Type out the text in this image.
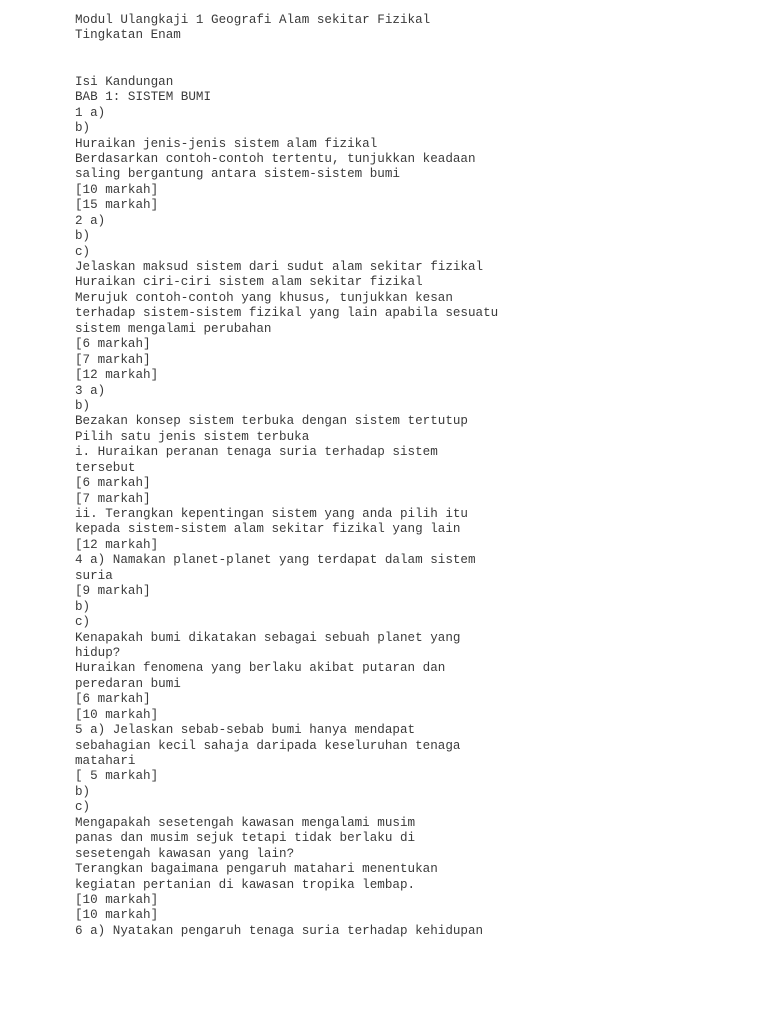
Modul Ulangkaji 1 Geografi Alam sekitar Fizikal
Tingkatan Enam
Isi Kandungan
BAB 1: SISTEM BUMI
1 a)
b)
Huraikan jenis-jenis sistem alam fizikal
Berdasarkan contoh-contoh tertentu, tunjukkan keadaan
saling bergantung antara sistem-sistem bumi
[10 markah]
[15 markah]
2 a)
b)
c)
Jelaskan maksud sistem dari sudut alam sekitar fizikal
Huraikan ciri-ciri sistem alam sekitar fizikal
Merujuk contoh-contoh yang khusus, tunjukkan kesan
terhadap sistem-sistem fizikal yang lain apabila sesuatu
sistem mengalami perubahan
[6 markah]
[7 markah]
[12 markah]
3 a)
b)
Bezakan konsep sistem terbuka dengan sistem tertutup
Pilih satu jenis sistem terbuka
i. Huraikan peranan tenaga suria terhadap sistem
tersebut
[6 markah]
[7 markah]
ii. Terangkan kepentingan sistem yang anda pilih itu
kepada sistem-sistem alam sekitar fizikal yang lain
[12 markah]
4 a) Namakan planet-planet yang terdapat dalam sistem
suria
[9 markah]
b)
c)
Kenapakah bumi dikatakan sebagai sebuah planet yang
hidup?
Huraikan fenomena yang berlaku akibat putaran dan
peredaran bumi
[6 markah]
[10 markah]
5 a) Jelaskan sebab-sebab bumi hanya mendapat
sebahagian kecil sahaja daripada keseluruhan tenaga
matahari
[ 5 markah]
b)
c)
Mengapakah sesetengah kawasan mengalami musim
panas dan musim sejuk tetapi tidak berlaku di
sesetengah kawasan yang lain?
Terangkan bagaimana pengaruh matahari menentukan
kegiatan pertanian di kawasan tropika lembap.
[10 markah]
[10 markah]
6 a) Nyatakan pengaruh tenaga suria terhadap kehidupan
